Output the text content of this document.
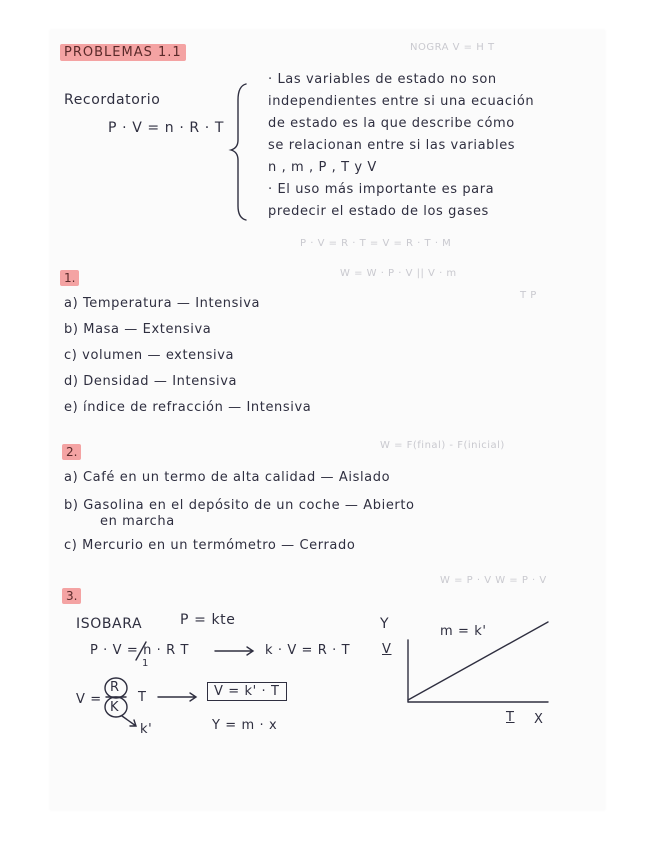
NOGRA V = H T
P · V = R · T = V = R · T · M
W = W · P · V || V · m
T P
W = F(final) - F(inicial)
W = P · V W = P · V
PROBLEMAS 1.1
Recordatorio
P · V = n · R · T
· Las variables de estado no son
independientes entre si una ecuación
de estado es la que describe cómo
se relacionan entre si las variables
n , m , P , T y V
· El uso más importante es para
predecir el estado de los gases
1.
a) Temperatura — Intensiva
b) Masa — Extensiva
c) volumen — extensiva
d) Densidad — Intensiva
e) índice de refracción — Intensiva
2.
a) Café en un termo de alta calidad — Aislado
b) Gasolina en el depósito de un coche — Abierto
en marcha
c) Mercurio en un termómetro — Cerrado
3.
ISOBARA	P = kte
P · V = n · R T
1
k · V = R · T
V =
R
K
T	V = k' · T
k'	Y = m · x
Y
V
m = k'
X
T
